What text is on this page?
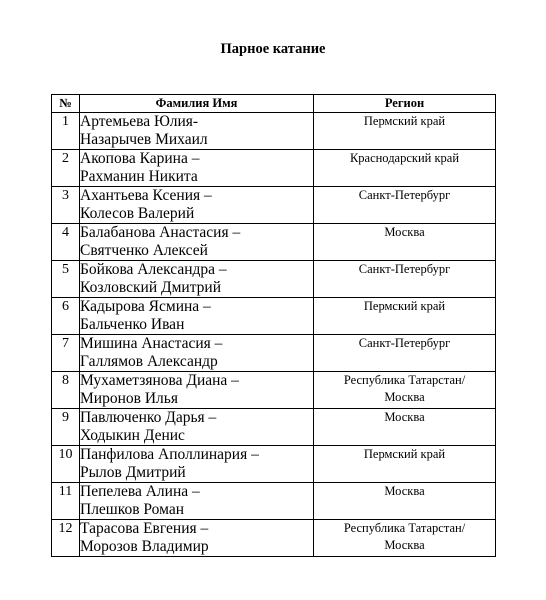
Парное катание
№	Фамилия Имя	Регион
1	Артемьева Юлия-
Назарычев Михаил	Пермский край

2	Акопова Карина –
Рахманин Никита	Краснодарский край

3	Ахантьева Ксения –
Колесов Валерий	Санкт-Петербург

4	Балабанова Анастасия –
Святченко Алексей	Москва

5	Бойкова Александра –
Козловский Дмитрий	Санкт-Петербург

6	Кадырова Ясмина –
Бальченко Иван	Пермский край

7	Мишина Анастасия –
Галлямов Александр	Санкт-Петербург

8	Мухаметзянова Диана –
Миронов Илья	Республика Татарстан/
Москва

9	Павлюченко Дарья –
Ходыкин Денис	Москва

10	Панфилова Аполлинария –
Рылов Дмитрий	Пермский край

11	Пепелева Алина –
Плешков Роман	Москва

12	Тарасова Евгения –
Морозов Владимир	Республика Татарстан/
Москва
